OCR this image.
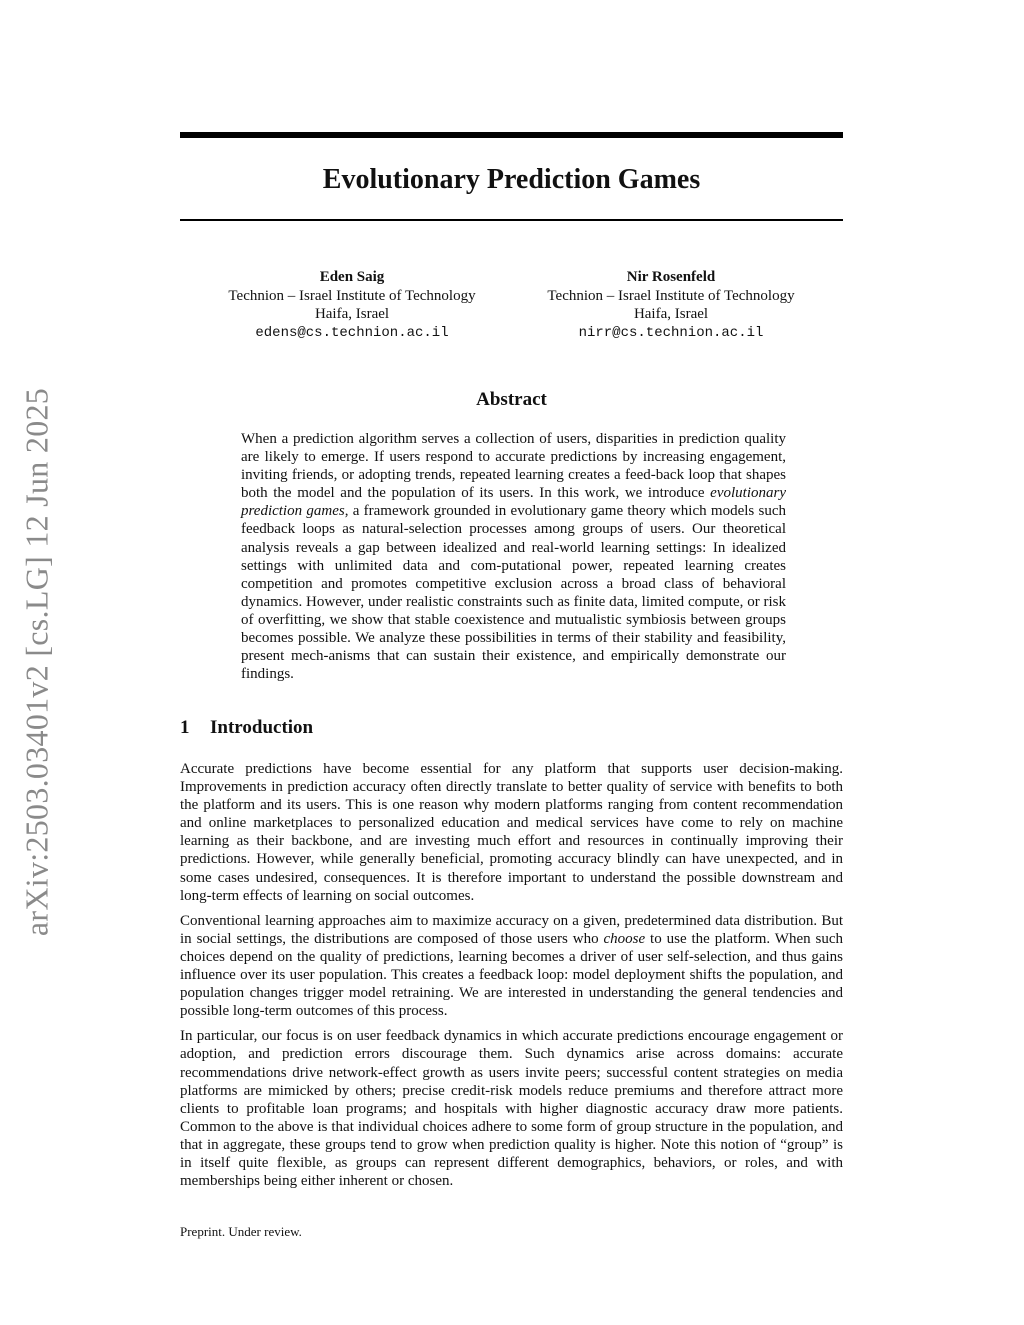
arXiv:2503.03401v2 [cs.LG] 12 Jun 2025
Evolutionary Prediction Games
Eden Saig
Technion – Israel Institute of Technology
Haifa, Israel
edens@cs.technion.ac.il
Nir Rosenfeld
Technion – Israel Institute of Technology
Haifa, Israel
nirr@cs.technion.ac.il
Abstract
When a prediction algorithm serves a collection of users, disparities in prediction quality are likely to emerge. If users respond to accurate predictions by increasing engagement, inviting friends, or adopting trends, repeated learning creates a feed-back loop that shapes both the model and the population of its users. In this work, we introduce evolutionary prediction games, a framework grounded in evolutionary game theory which models such feedback loops as natural-selection processes among groups of users. Our theoretical analysis reveals a gap between idealized and real-world learning settings: In idealized settings with unlimited data and com-putational power, repeated learning creates competition and promotes competitive exclusion across a broad class of behavioral dynamics. However, under realistic constraints such as finite data, limited compute, or risk of overfitting, we show that stable coexistence and mutualistic symbiosis between groups becomes possible. We analyze these possibilities in terms of their stability and feasibility, present mech-anisms that can sustain their existence, and empirically demonstrate our findings.
1 Introduction

Accurate predictions have become essential for any platform that supports user decision-making. Improvements in prediction accuracy often directly translate to better quality of service with benefits to both the platform and its users. This is one reason why modern platforms ranging from content recommendation and online marketplaces to personalized education and medical services have come to rely on machine learning as their backbone, and are investing much effort and resources in continually improving their predictions. However, while generally beneficial, promoting accuracy blindly can have unexpected, and in some cases undesired, consequences. It is therefore important to understand the possible downstream and long-term effects of learning on social outcomes.

Conventional learning approaches aim to maximize accuracy on a given, predetermined data distribution. But in social settings, the distributions are composed of those users who choose to use the platform. When such choices depend on the quality of predictions, learning becomes a driver of user self-selection, and thus gains influence over its user population. This creates a feedback loop: model deployment shifts the population, and population changes trigger model retraining. We are interested in understanding the general tendencies and possible long-term outcomes of this process.

In particular, our focus is on user feedback dynamics in which accurate predictions encourage engagement or adoption, and prediction errors discourage them. Such dynamics arise across domains: accurate recommendations drive network-effect growth as users invite peers; successful content strategies on media platforms are mimicked by others; precise credit-risk models reduce premiums and therefore attract more clients to profitable loan programs; and hospitals with higher diagnostic accuracy draw more patients. Common to the above is that individual choices adhere to some form of group structure in the population, and that in aggregate, these groups tend to grow when prediction quality is higher. Note this notion of “group” is in itself quite flexible, as groups can represent different demographics, behaviors, or roles, and with memberships being either inherent or chosen.

Preprint. Under review.
